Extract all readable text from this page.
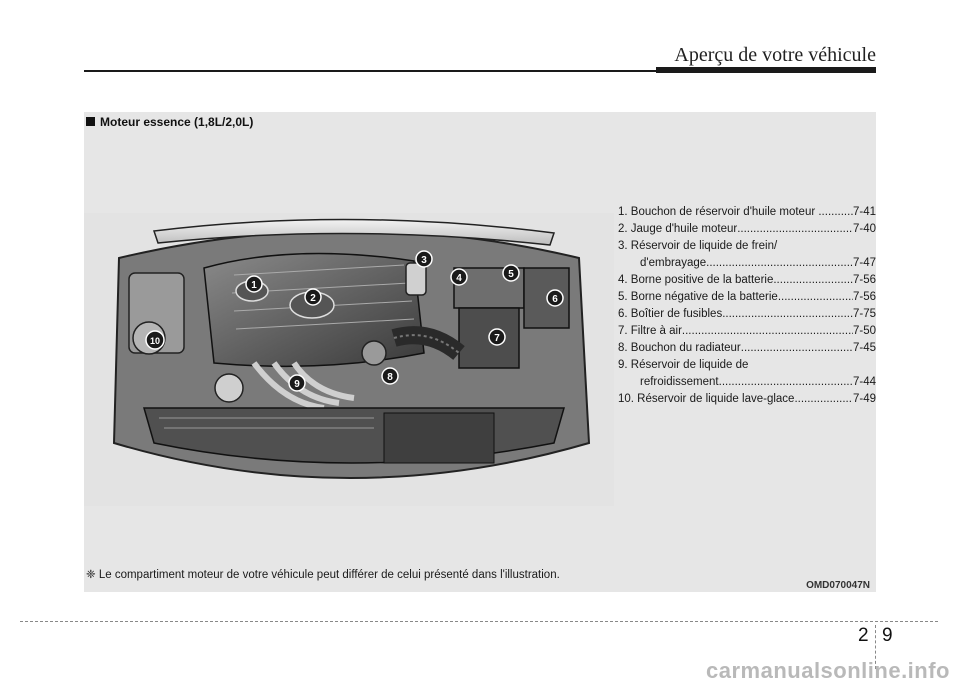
Aperçu de votre véhicule
Moteur essence (1,8L/2,0L)
1
2
3
4	5
6
7
8
9
10
1. Bouchon de réservoir d'huile moteur .. ..... 7-41
2. Jauge d'huile moteur .....	7-40
3. Réservoir de liquide de frein/
d'embrayage .....	7-47
4. Borne positive de la batterie .....	7-56
5. Borne négative de la batterie .....	7-56
6. Boîtier de fusibles .....	7-75
7. Filtre à air .....	7-50
8. Bouchon du radiateur .....	7-45
9. Réservoir de liquide de
refroidissement .....	7-44
10. Réservoir de liquide lave-glace .....	7-49
❈ Le compartiment moteur de votre véhicule peut différer de celui présenté dans l'illustration.
OMD070047N
2 9
carmanualsonline.info
